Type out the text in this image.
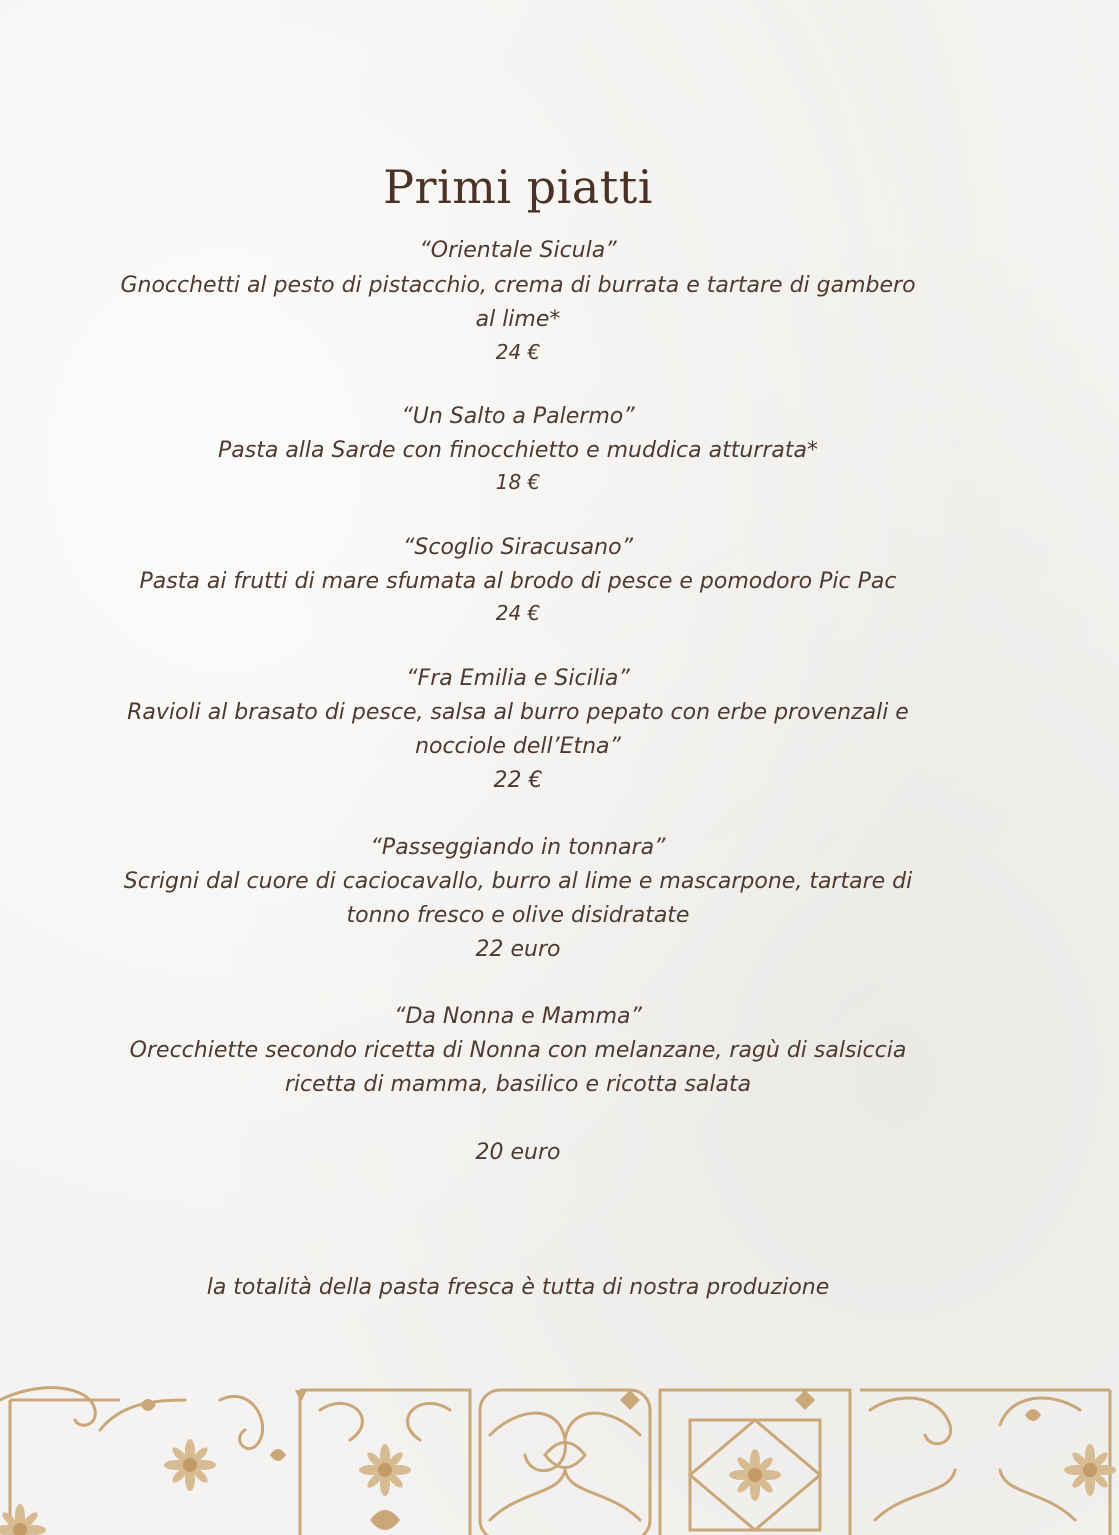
Primi piatti
“Orientale Sicula”
Gnocchetti al pesto di pistacchio, crema di burrata e tartare di gambero
al lime*
24 €
“Un Salto a Palermo”
Pasta alla Sarde con finocchietto e muddica atturrata*
18 €
“Scoglio Siracusano”
Pasta ai frutti di mare sfumata al brodo di pesce e pomodoro Pic Pac
24 €
“Fra Emilia e Sicilia”
Ravioli al brasato di pesce, salsa al burro pepato con erbe provenzali e
nocciole dell’Etna”
22 €
“Passeggiando in tonnara”
Scrigni dal cuore di caciocavallo, burro al lime e mascarpone, tartare di
tonno fresco e olive disidratate
22 euro
“Da Nonna e Mamma”
Orecchiette secondo ricetta di Nonna con melanzane, ragù di salsiccia
ricetta di mamma, basilico e ricotta salata
20 euro
la totalità della pasta fresca è tutta di nostra produzione
